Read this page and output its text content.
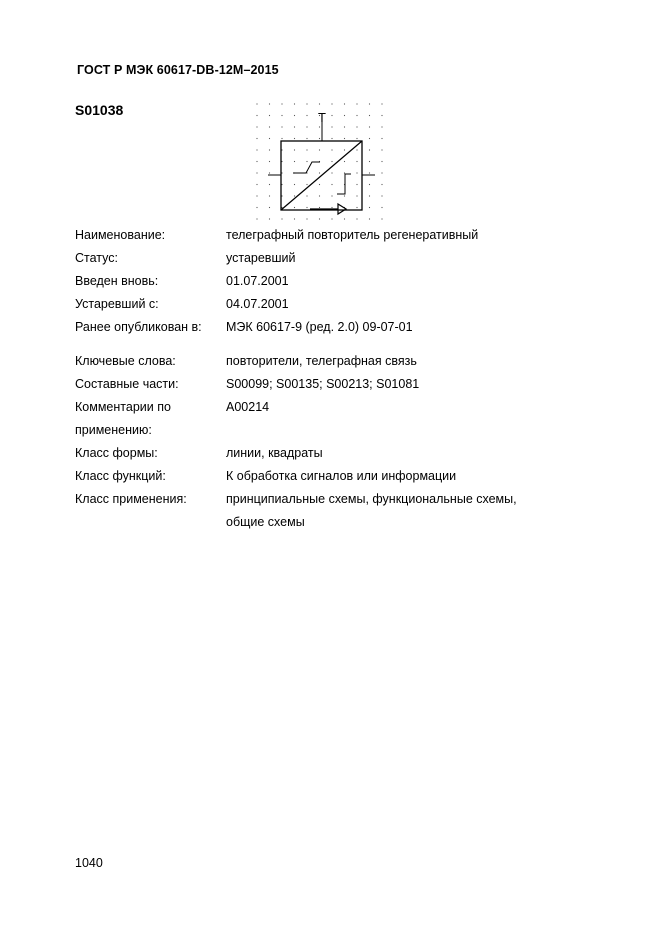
ГОСТ Р МЭК 60617-DB-12M–2015
S01038	T
Наименование:	телеграфный повторитель регенеративный
Статус:	устаревший
Введен вновь:	01.07.2001
Устаревший с:	04.07.2001
Ранее опубликован в: МЭК 60617-9 (ред. 2.0) 09-07-01
Ключевые слова:	повторители, телеграфная связь
Составные части:	S00099; S00135; S00213; S01081
Комментарии по	A00214
применению:
Класс формы:	линии, квадраты
Класс функций:	К обработка сигналов или информации
Класс применения:	принципиальные схемы, функциональные схемы,
общие схемы
1040
